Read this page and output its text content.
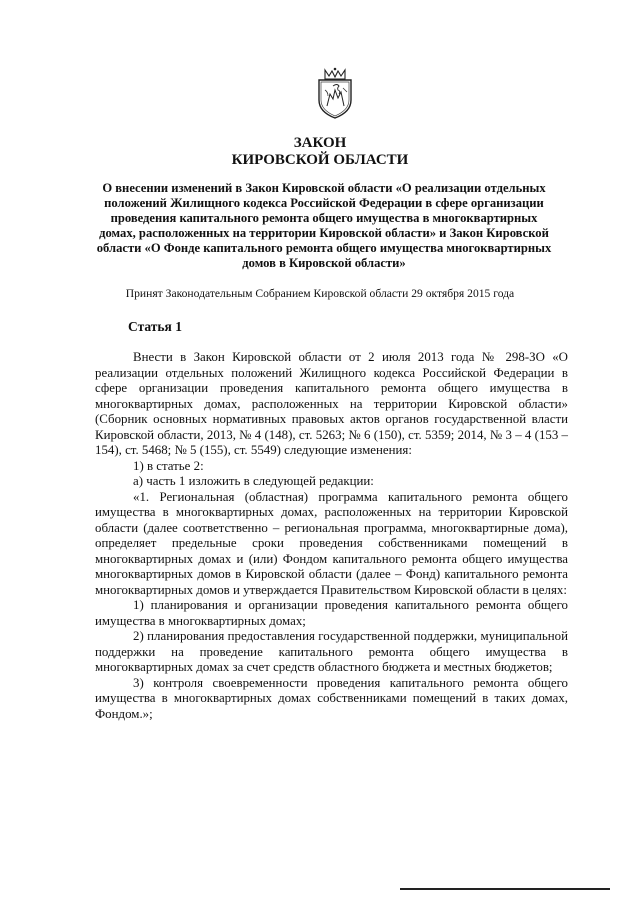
ЗАКОН
КИРОВСКОЙ ОБЛАСТИ
О внесении изменений в Закон Кировской области «О реализации отдельных положений Жилищного кодекса Российской Федерации в сфере организации проведения капитального ремонта общего имущества в многоквартирных домах, расположенных на территории Кировской области» и Закон Кировской области «О Фонде капитального ремонта общего имущества многоквартирных домов в Кировской области»
Принят Законодательным Собранием Кировской области 29 октября 2015 года
Статья 1

Внести в Закон Кировской области от 2 июля 2013 года № 298-ЗО «О реализации отдельных положений Жилищного кодекса Российской Федерации в сфере организации проведения капитального ремонта общего имущества в многоквартирных домах, расположенных на территории Кировской области» (Сборник основных нормативных правовых актов органов государственной власти Кировской области, 2013, № 4 (148), ст. 5263; № 6 (150), ст. 5359; 2014, № 3 – 4 (153 – 154), ст. 5468; № 5 (155), ст. 5549) следующие изменения:

1) в статье 2:

а) часть 1 изложить в следующей редакции:

«1. Региональная (областная) программа капитального ремонта общего имущества в многоквартирных домах, расположенных на территории Кировской области (далее соответственно – региональная программа, многоквартирные дома), определяет предельные сроки проведения собственниками помещений в многоквартирных домах и (или) Фондом капитального ремонта общего имущества многоквартирных домов в Кировской области (далее – Фонд) капитального ремонта многоквартирных домов и утверждается Правительством Кировской области в целях:

1) планирования и организации проведения капитального ремонта общего имущества в многоквартирных домах;

2) планирования предоставления государственной поддержки, муниципальной поддержки на проведение капитального ремонта общего имущества в многоквартирных домах за счет средств областного бюджета и местных бюджетов;

3) контроля своевременности проведения капитального ремонта общего имущества в многоквартирных домах собственниками помещений в таких домах, Фондом.»;
